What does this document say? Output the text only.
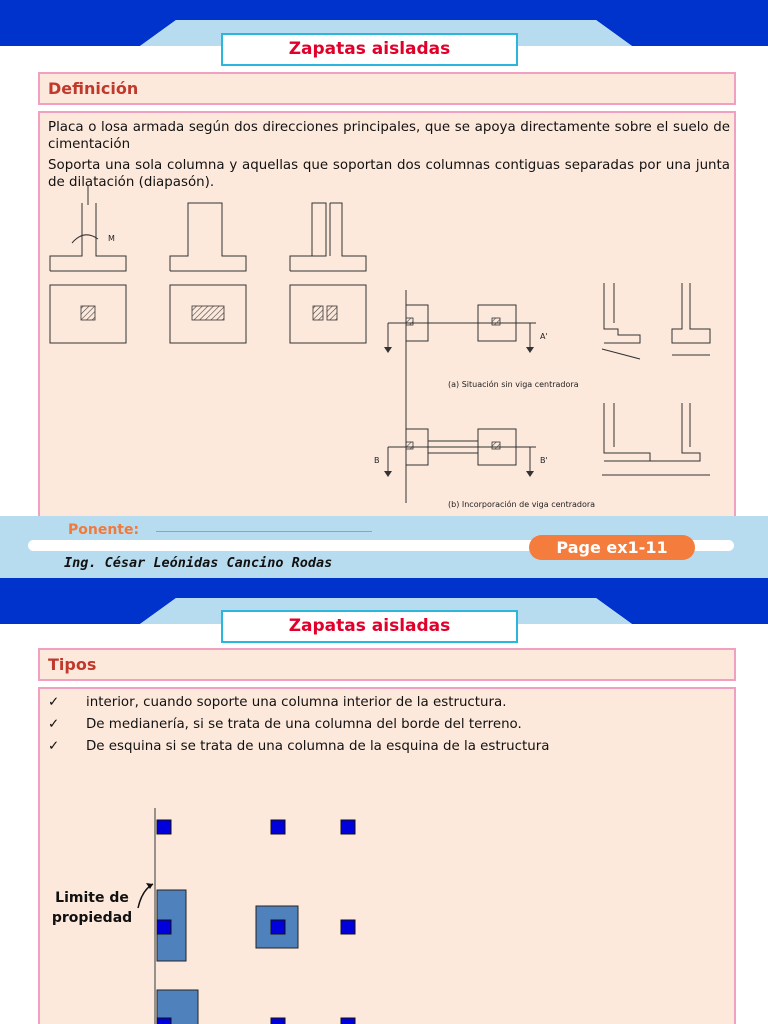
Zapatas aisladas
Definición
Placa o losa armada según dos direcciones principales, que se apoya directamente sobre el suelo de cimentación
Soporta una sola columna y aquellas que soportan dos columnas contiguas separadas por una junta de dilatación (diapasón).
M
A'
(a) Situación sin viga centradora
B	B'
(b) Incorporación de viga centradora
Ponente:
Page ex1-11
Ing. César Leónidas Cancino Rodas
Zapatas aisladas
Tipos
✓ interior, cuando soporte una columna interior de la estructura.
✓ De medianería, si se trata de una columna del borde del terreno.
✓ De esquina si se trata de una columna de la esquina de la estructura
Limite de
propiedad
